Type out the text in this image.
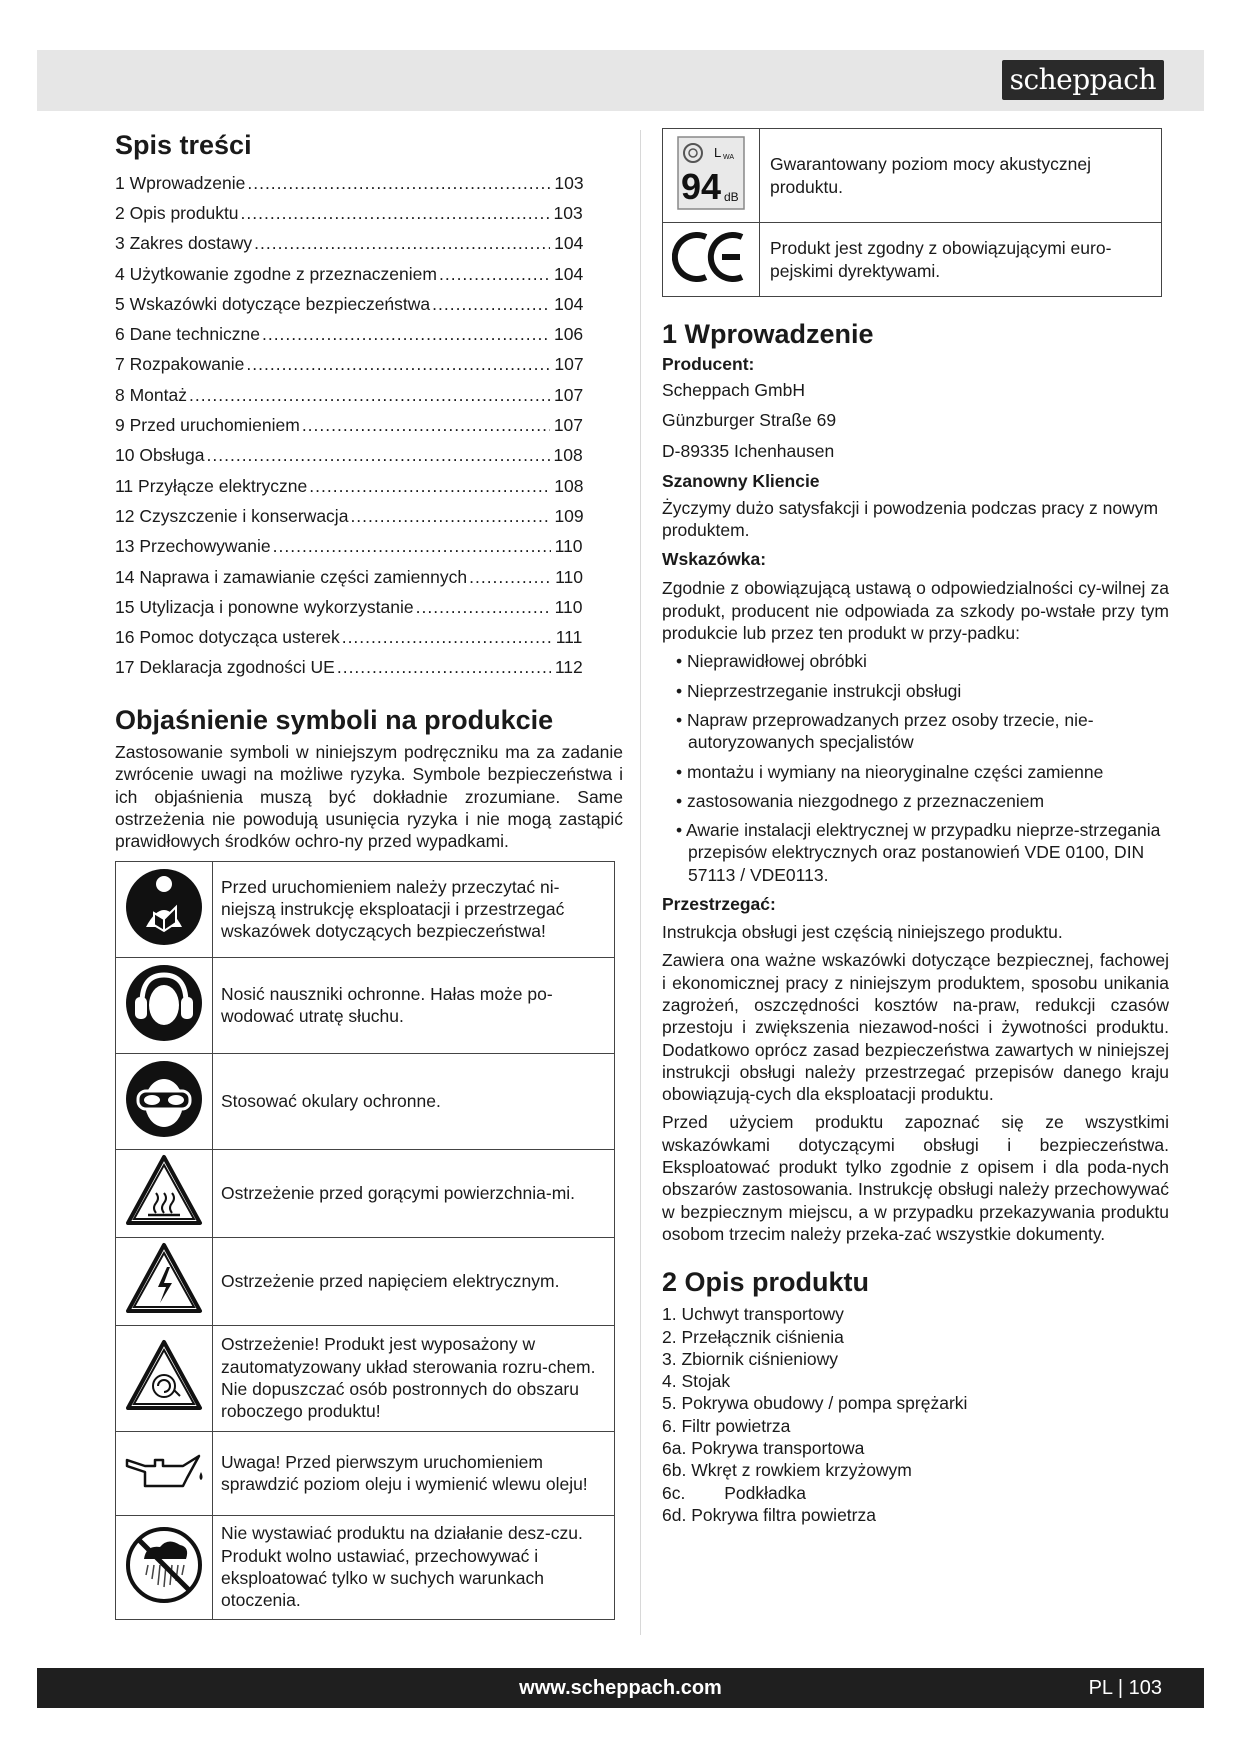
scheppach
Spis treści
1 Wprowadzenie .....	103
2 Opis produktu .....	103
3 Zakres dostawy .....	104
4 Użytkowanie zgodne z przeznaczeniem .....	104
5 Wskazówki dotyczące bezpieczeństwa .....	104
6 Dane techniczne .....	106
7 Rozpakowanie .....	107
8 Montaż .....	107
9 Przed uruchomieniem .....	107
10 Obsługa .....	108
11 Przyłącze elektryczne .....	108
12 Czyszczenie i konserwacja .....	109
13 Przechowywanie .....	110
14 Naprawa i zamawianie części zamiennych .....	110
15 Utylizacja i ponowne wykorzystanie .....	110
16 Pomoc dotycząca usterek .....	111
17 Deklaracja zgodności UE .....	112
Objaśnienie symboli na produkcie

Zastosowanie symboli w niniejszym podręczniku ma za zadanie zwrócenie uwagi na możliwe ryzyka. Symbole bezpieczeństwa i ich objaśnienia muszą być dokładnie zrozumiane. Same ostrzeżenia nie powodują usunięcia ryzyka i nie mogą zastąpić prawidłowych środków ochro-ny przed wypadkami.

	Przed uruchomieniem należy przeczytać ni-niejszą instrukcję eksploatacji i przestrzegać wskazówek dotyczących bezpieczeństwa!
	Nosić nauszniki ochronne. Hałas może po-wodować utratę słuchu.
	Stosować okulary ochronne.
	Ostrzeżenie przed gorącymi powierzchnia-mi.
	Ostrzeżenie przed napięciem elektrycznym.
	Ostrzeżenie! Produkt jest wyposażony w zautomatyzowany układ sterowania rozru-chem. Nie dopuszczać osób postronnych do obszaru roboczego produktu!
	Uwaga! Przed pierwszym uruchomieniem sprawdzić poziom oleju i wymienić wlewu oleju!
	Nie wystawiać produktu na działanie desz-czu. Produkt wolno ustawiać, przechowywać i eksploatować tylko w suchych warunkach otoczenia.
L WA
94 dB	Gwarantowany poziom mocy akustycznej produktu.
	Produkt jest zgodny z obowiązującymi euro-pejskimi dyrektywami.
1 Wprowadzenie
Producent:

Scheppach GmbH

Günzburger Straße 69

D-89335 Ichenhausen

Szanowny Kliencie

Życzymy dużo satysfakcji i powodzenia podczas pracy z nowym produktem.

Wskazówka:

Zgodnie z obowiązującą ustawą o odpowiedzialności cy-wilnej za produkt, producent nie odpowiada za szkody po-wstałe przy tym produkcie lub przez ten produkt w przy-padku:

• Nieprawidłowej obróbki
• Nieprzestrzeganie instrukcji obsługi
• Napraw przeprowadzanych przez osoby trzecie, nie-autoryzowanych specjalistów
• montażu i wymiany na nieoryginalne części zamienne
• zastosowania niezgodnego z przeznaczeniem
• Awarie instalacji elektrycznej w przypadku nieprze-strzegania przepisów elektrycznych oraz postanowień VDE 0100, DIN 57113 / VDE0113.
Przestrzegać:

Instrukcja obsługi jest częścią niniejszego produktu.

Zawiera ona ważne wskazówki dotyczące bezpiecznej, fachowej i ekonomicznej pracy z niniejszym produktem, sposobu unikania zagrożeń, oszczędności kosztów na-praw, redukcji czasów przestoju i zwiększenia niezawod-ności i żywotności produktu. Dodatkowo oprócz zasad bezpieczeństwa zawartych w niniejszej instrukcji obsługi należy przestrzegać przepisów danego kraju obowiązują-cych dla eksploatacji produktu.

Przed użyciem produktu zapoznać się ze wszystkimi wskazówkami dotyczącymi obsługi i bezpieczeństwa. Eksploatować produkt tylko zgodnie z opisem i dla poda-nych obszarów zastosowania. Instrukcję obsługi należy przechowywać w bezpiecznym miejscu, a w przypadku przekazywania produktu osobom trzecim należy przeka-zać wszystkie dokumenty.

2 Opis produktu
1. Uchwyt transportowy
2. Przełącznik ciśnienia
3. Zbiornik ciśnieniowy
4. Stojak
5. Pokrywa obudowy / pompa sprężarki
6. Filtr powietrza
6a. Pokrywa transportowa
6b. Wkręt z rowkiem krzyżowym
6c.        Podkładka
6d. Pokrywa filtra powietrza
www.scheppach.com	PL | 103
